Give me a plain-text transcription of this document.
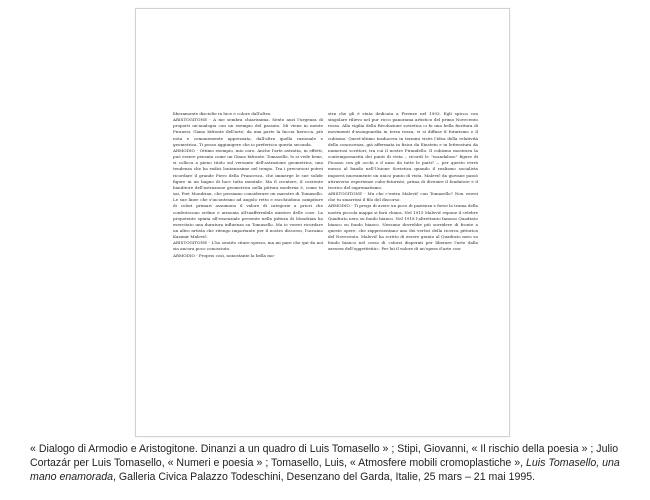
liberamente disciolte in luce e colore dall'altra.

ARISTOGITONE - A me sembra chiarissima. Sento anzi l'urgenza di proporti un'analogia con un esempio del passato. Mi viene in mente Piranesi, Giano bifronte dell'arte; da una parte la faccia barocca, più nota e comunemente apprezzata, dall'altra quella razionale e geometrica. Ti posso aggiungere che io preferisco questa seconda.

ARMODIO - Ottimo esempio, mio caro. Anche l'arte astratta, in effetti, può essere pensata come un Giano bifronte. Tomasello, lo si vede bene, si colloca a pieno titolo sul versante dell'astrazione geometrica, una tendenza che ha radici lontanissime nel tempo. Tra i precursori potrei ricordare il grande Piero della Francesca, che immerge le sue solide figure in un bagno di luce tutta mentale. Ma il creatore, il coerente banditore dell'astrazione geometrica nella pittura moderna è, come tu sai, Piet Mondrian, che possiamo considerare un maestro di Tomasello. Le sue linee che s'incontrano ad angolo retto e racchiudono campiture di colori primari assumono il valore di categorie a priori che conferiscono ordine e armonia all'inafferrabile mistero delle cose. La prepotente spinta all'essenziale presente nella pittura di Mondrian ha esercitato una duratura influenza su Tomasello. Ma io vorrei ricordare un altro artista che ritengo importante per il nostro discorso, l'ucraino Kazimir Malevič.

ARISTOGITONE - L'ho sentito citare spesso, ma mi pare che qui da noi sia ancora poco conosciuto.

ARMODIO - Proprio così, nonostante la bella mo-

stra che gli è stata dedicata a Firenze nel 1993. Egli spicca con singolare rilievo nel pur ricco panorama artistico del primo Novecento russo. Alla vigilia della Rivoluzione sovietica ci fu una bella fioritura di movimenti d'avanguardia in terra russa; vi si diffuse il futurismo e il cubismo. Quest'ultimo traduceva in termini visivi l'idea della relatività della conoscenza, già affermata in fisica da Einstein e in letteratura da numerosi scrittori, tra cui il nostro Pirandello. Il cubismo mostrava la contemporaneità dei punti di vista – ricordi le "scandalose" figure di Picasso con gli occhi e il naso da tutte le parti? –, per questo verrà messo al bando nell'Unione Sovietica quando il realismo socialista imporrà nuovamente un unico punto di vista. Malevič da giovane passò attraverso esperienze cubo-futuriste, prima di divenire il fondatore e il teorico del suprematismo.

ARISTOGITONE - Ma che c'entra Malevič con Tomasello? Non vorrei che tu smarrissi il filo del discorso.

ARMODIO - Ti prego di avere un poco di pazienza e forse la trama della nostra piccola mappa si farà chiara. Nel 1915 Malevič espone il celebre Quadrato nero su fondo bianco. Nel 1918 l'altrettanto famoso Quadrato bianco su fondo bianco. Nessuno dovrebbe più sorridere di fronte a queste opere, che rappresentano uno dei vertici della ricerca pittorica del Novecento. Malevič ha scritto di essere giunto al Quadrato nero su fondo bianco nel corso di «sforzi disperati per liberare l'arte dalla zavorra dell'oggettività». Per lui il valore di un'opera d'arte con-

« Dialogo di Armodio e Aristogitone. Dinanzi a un quadro di Luis Tomasello » ; Stipi, Giovanni, « Il rischio della poesia » ; Julio Cortazár per Luis Tomasello, « Numeri e poesia » ; Tomasello, Luis, « Atmosfere mobili cromoplastiche », Luis Tomasello, una mano enamorada, Galleria Civica Palazzo Todeschini, Desenzano del Garda, Italie, 25 mars – 21 mai 1995.
